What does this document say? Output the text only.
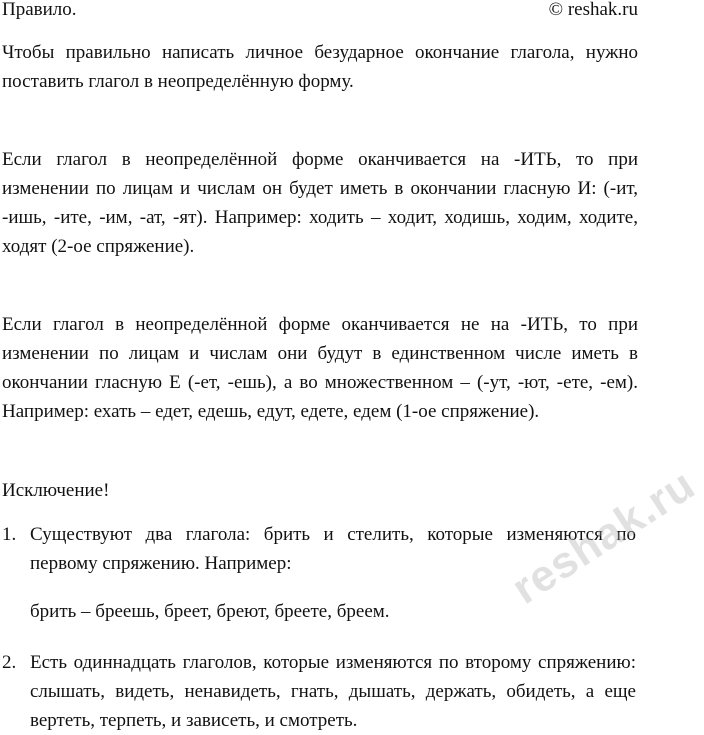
Правило.	© reshak.ru

Чтобы правильно написать личное безударное окончание глагола, нужно поставить глагол в неопределённую форму.

Если глагол в неопределённой форме оканчивается на -ИТЬ, то при изменении по лицам и числам он будет иметь в окончании гласную И: (-ит, -ишь, -ите, -им, -ат, -ят). Например: ходить – ходит, ходишь, ходим, ходите, ходят (2-ое спряжение).

Если глагол в неопределённой форме оканчивается не на -ИТЬ, то при изменении по лицам и числам они будут в единственном числе иметь в окончании гласную Е (-ет, -ешь), а во множественном – (-ут, -ют, -ете, -ем). Например: ехать – едет, едешь, едут, едете, едем (1-ое спряжение).

Исключение!
1. Существуют два глагола: брить и стелить, которые изменяются по первому спряжению. Например:

брить – бреешь, бреет, бреют, бреете, бреем.
2. Есть одиннадцать глаголов, которые изменяются по второму спряжению: слышать, видеть, ненавидеть, гнать, дышать, держать, обидеть, а еще вертеть, терпеть, и зависеть, и смотреть.

reshak.ru
